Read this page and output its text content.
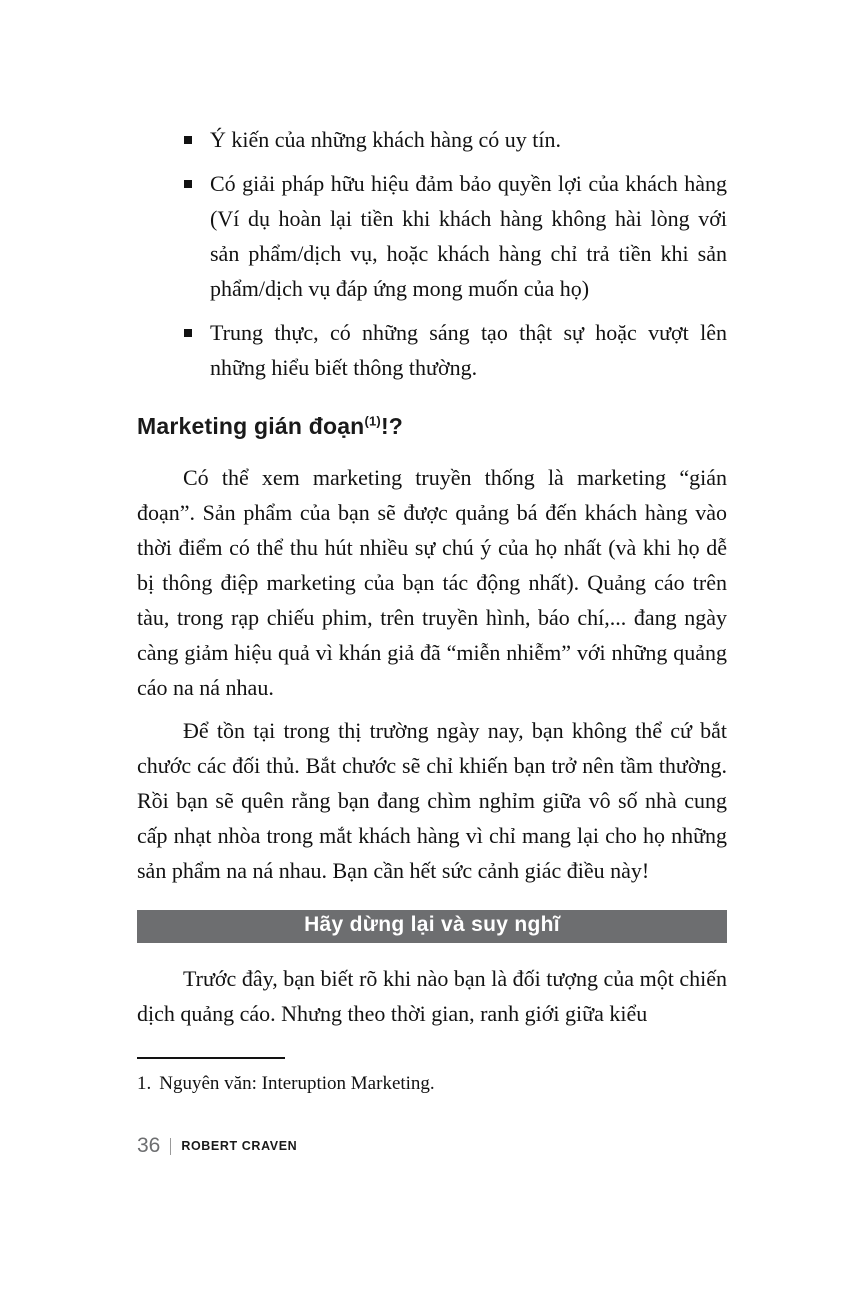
Ý kiến của những khách hàng có uy tín.
Có giải pháp hữu hiệu đảm bảo quyền lợi của khách hàng (Ví dụ hoàn lại tiền khi khách hàng không hài lòng với sản phẩm/dịch vụ, hoặc khách hàng chỉ trả tiền khi sản phẩm/dịch vụ đáp ứng mong muốn của họ)
Trung thực, có những sáng tạo thật sự hoặc vượt lên những hiểu biết thông thường.
Marketing gián đoạn$^{(1)}$!?

Có thể xem marketing truyền thống là marketing “gián đoạn”. Sản phẩm của bạn sẽ được quảng bá đến khách hàng vào thời điểm có thể thu hút nhiều sự chú ý của họ nhất (và khi họ dễ bị thông điệp marketing của bạn tác động nhất). Quảng cáo trên tàu, trong rạp chiếu phim, trên truyền hình, báo chí,... đang ngày càng giảm hiệu quả vì khán giả đã “miễn nhiễm” với những quảng cáo na ná nhau.

Để tồn tại trong thị trường ngày nay, bạn không thể cứ bắt chước các đối thủ. Bắt chước sẽ chỉ khiến bạn trở nên tầm thường. Rồi bạn sẽ quên rằng bạn đang chìm nghỉm giữa vô số nhà cung cấp nhạt nhòa trong mắt khách hàng vì chỉ mang lại cho họ những sản phẩm na ná nhau. Bạn cần hết sức cảnh giác điều này!

Hãy dừng lại và suy nghĩ

Trước đây, bạn biết rõ khi nào bạn là đối tượng của một chiến dịch quảng cáo. Nhưng theo thời gian, ranh giới giữa kiểu

1. Nguyên văn: Interuption Marketing.
36 ROBERT CRAVEN
